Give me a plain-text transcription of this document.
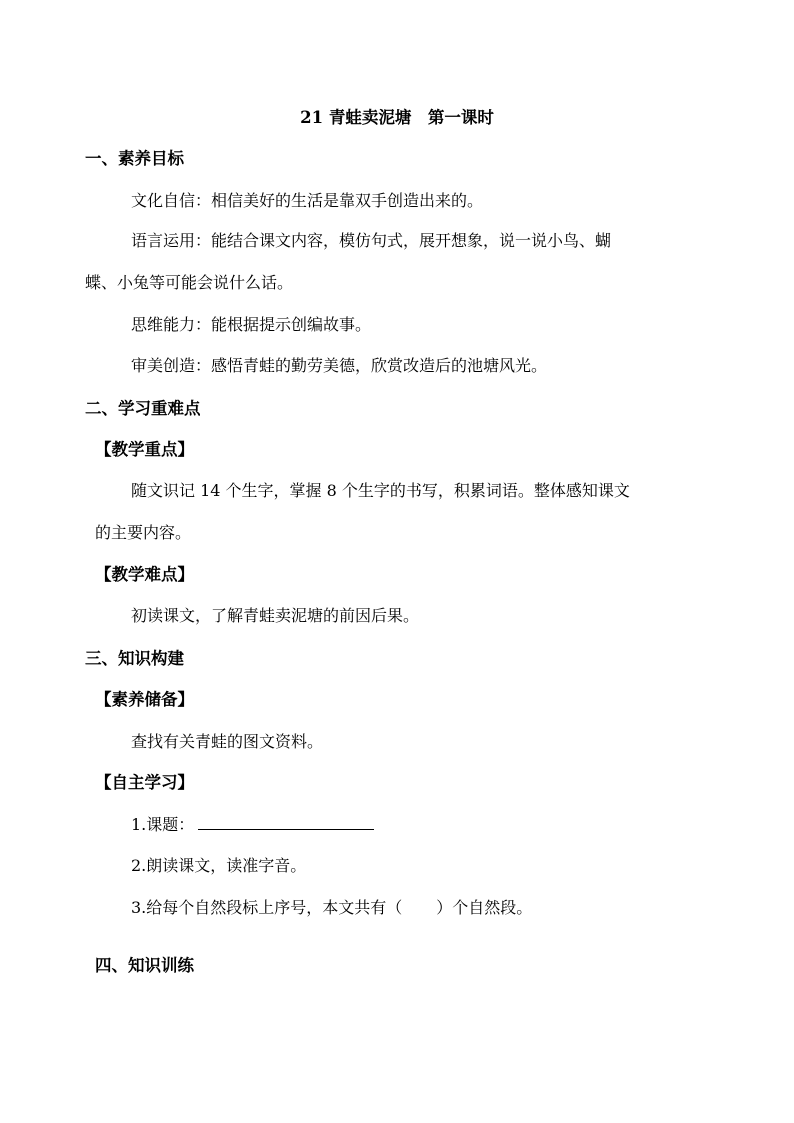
21 青蛙卖泥塘　第一课时
一、素养目标
文化自信：相信美好的生活是靠双手创造出来的。
语言运用：能结合课文内容，模仿句式，展开想象，说一说小鸟、蝴
蝶、小兔等可能会说什么话。
思维能力：能根据提示创编故事。
审美创造：感悟青蛙的勤劳美德，欣赏改造后的池塘风光。
二、学习重难点
【教学重点】
随文识记 14 个生字，掌握 8 个生字的书写，积累词语。整体感知课文
的主要内容。
【教学难点】
初读课文，了解青蛙卖泥塘的前因后果。
三、知识构建
【素养储备】
查找有关青蛙的图文资料。
【自主学习】
1.课题：
2.朗读课文，读准字音。
3.给每个自然段标上序号，本文共有（ ）个自然段。
四、知识训练
